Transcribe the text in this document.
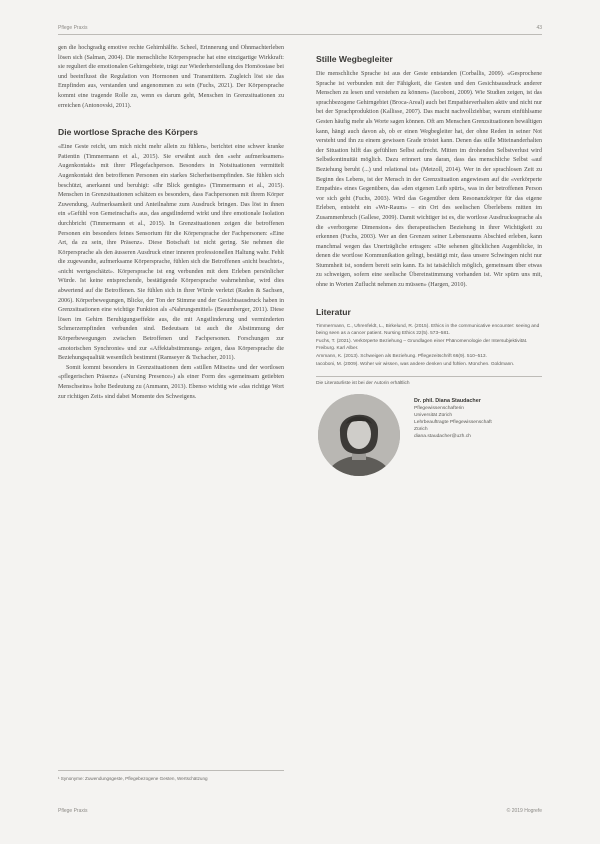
Pflege Praxis	43

gen die hochgradig emotive rechte Gehirnhälfte. Scheel, Erinnerung und Ohnmachterleben lösen sich (Salman, 2004). Die menschliche Körpersprache hat eine einzigartige Wirkkraft: sie reguliert die emotionalen Gehirngebiete, trägt zur Wiederherstellung des Homöostase bei und beeinflusst die Regulation von Hormonen und Transmittern. Zugleich löst sie das Empfinden aus, verstanden und angenommen zu sein (Fuchs, 2021). Der Körpersprache kommt eine tragende Rolle zu, wenn es darum geht, Menschen in Grenzsituationen zu erreichen (Antonovski, 2011).

Die wortlose Sprache des Körpers

«Eine Geste reicht, um mich nicht mehr allein zu fühlen», berichtet eine schwer kranke Patientin (Timmermann et al., 2015). Sie erwähnt auch den «sehr aufmerksamen» Augenkontakt» mit ihrer Pflegefachperson. Besonders in Notsituationen vermittelt Augenkontakt den betroffenen Personen ein starkes Sicherheitsempfinden. Sie fühlen sich beschützt, anerkannt und beruhigt: «Ihr Blick genügte» (Timmermann et al., 2015). Menschen in Grenzsituationen schätzen es besonders, dass Fachpersonen mit ihrem Körper Zuwendung, Aufmerksamkeit und Anteilnahme zum Ausdruck bringen. Das löst in ihnen ein «Gefühl von Gemeinschaft» aus, das angstlindernd wirkt und ihre emotionale Isolation durchbricht (Timmermann et al., 2015). In Grenzsituationen zeigen die betroffenen Personen ein besonders feines Sensorium für die Körpersprache der Fachpersonen: «Eine Art, da zu sein, ihre Präsenz». Diese Botschaft ist nicht gering. Sie nehmen die Körpersprache als den äusseren Ausdruck einer inneren professionellen Haltung wahr. Fehlt die zugewandte, aufmerksame Körpersprache, fühlen sich die Betroffenen «nicht beachtet», «nicht wertgeschätzt». Körpersprache ist eng verbunden mit dem Erleben persönlicher Würde. Ist keine entsprechende, bestätigende Körpersprache wahrnehmbar, wird dies abwertend auf die Betroffenen. Sie fühlen sich in ihrer Würde verletzt (Raden & Sachsen, 2006). Körperbewegungen, Blicke, der Ton der Stimme und der Gesichtsausdruck haben in Grenzsituationen eine wichtige Funktion als «Nahrungsmittel» (Beaumberger, 2011). Diese lösen im Gehirn Beruhigungseffekte aus, die mit Angstlinderung und verminderten Schmerzempfinden verbunden sind. Bedeutsam ist auch die Abstimmung der Körperbewegungen zwischen Betroffenen und Fachpersonen. Forschungen zur «motorischen Synchronie» und zur «Affektabstimmung» zeigen, dass Körpersprache die Beziehungsqualität wesentlich bestimmt (Ramseyer & Tschacher, 2011).

Somit kommt besonders in Grenzsituationen dem «stillen Mitsein» und der wortlosen «pflegerischen Präsenz» («Nursing Presence») als einer Form des «gemeinsam getiebten Menschseins» hohe Bedeutung zu (Ammann, 2013). Ebenso wichtig wie «das richtige Wort zur richtigen Zeit» sind dabei Momente des Schweigens.

¹ Synonyme: Zuwendungsgeste, Pflegebezogene Gesten, Wertschätzung
Stille Wegbegleiter

Die menschliche Sprache ist aus der Geste entstanden (Corballis, 2009). «Gesprochene Sprache ist verbunden mit der Fähigkeit, die Gesten und den Gesichtsausdruck anderer Menschen zu lesen und verstehen zu können» (Iacoboni, 2009). Wie Studien zeigen, ist das sprachbezogene Gehirngebiet (Broca-Areal) auch bei Empathieverhalten aktiv und nicht nur bei der Sprachproduktion (Kallisse, 2007). Das macht nachvollziehbar, warum einfühlsame Gesten häufig mehr als Worte sagen können. Oft am Menschen Grenzsituationen bewältigen kann, hängt auch davon ab, ob er einen Wegbegleiter hat, der ohne Reden in seiner Not versteht und ihn zu einem gewissen Grade tröstet kann. Denen das stille Miteinanderhalten der Situation hilft das gefühlten Selbst aufrecht. Mitten im drohenden Selbstverlust wird Selbstkontinuität möglich. Dazu erinnert uns daran, dass das menschliche Selbst «auf Beziehung beruht (...) und relational ist» (Metzoll, 2014). Wer in der sprachlosen Zeit zu Beginn des Lebens, ist der Mensch in der Grenzsituation angewiesen auf die «verkörperte Empathie» eines Gegenübers, das «den eigenen Leib spürt», was in der betroffenen Person vor sich geht (Fuchs, 2003). Wird das Gegenüber dem Resonanzkörper für das eigene Erleben, entsteht ein «Wir-Raum» – ein Ort des seelischen Überlebens mitten im Zusammenbruch (Gallese, 2009). Damit wichtiger ist es, die wortlose Ausdruckssprache als die «verborgene Dimension» des therapeutischen Beziehung in ihrer Wichtigkeit zu erkennen (Fuchs, 2003). Wer an den Grenzen seiner Lebensraums Abschied erleben, kann manchmal wegen das Unerträgliche ertragen: «Die sehenen glücklichen Augenblicke, in denen die wortlose Kommunikation gelingt, bestätigt mir, dass unsere Schwingen nicht nur Stummheit ist, sondern bereit sein kann. Es ist tatsächlich möglich, gemeinsam über etwas zu schweigen, sofern eine seelische Übereinstimmung vorhanden ist. Wir spürn uns mit, ohne in Worten Zuflucht nehmen zu müssen» (Hargen, 2010).

Literatur

Timmermann, C., Uhrenfeldt, L., Birkelund, R. (2015). Ethics in the communicative encounter: seeing and being seen as a cancer patient. Nursing Ethics 22(5). 573–581.

Fuchs, T. (2021). Verkörperte Beziehung – Grundlagen einer Phänomenologie der Intersubjektivität. Freiburg. Karl Alber.

Ammann, K. (2013). Schweigen als Beziehung. Pflegezeitschrift 66(9). 510–513.

Iacoboni, M. (2009). Woher wir wissen, was andere denken und fühlen. München. Goldmann.

Die Literaturliste ist bei der Autorin erhältlich
Dr. phil. Diana Staudacher
Pflegewissenschafterin
Universität Zürich
Lehrbeauftragte Pflegewissenschaft
Zürich
diana.staudacher@uzh.ch
Pflege Praxis	© 2019 Hogrefe
